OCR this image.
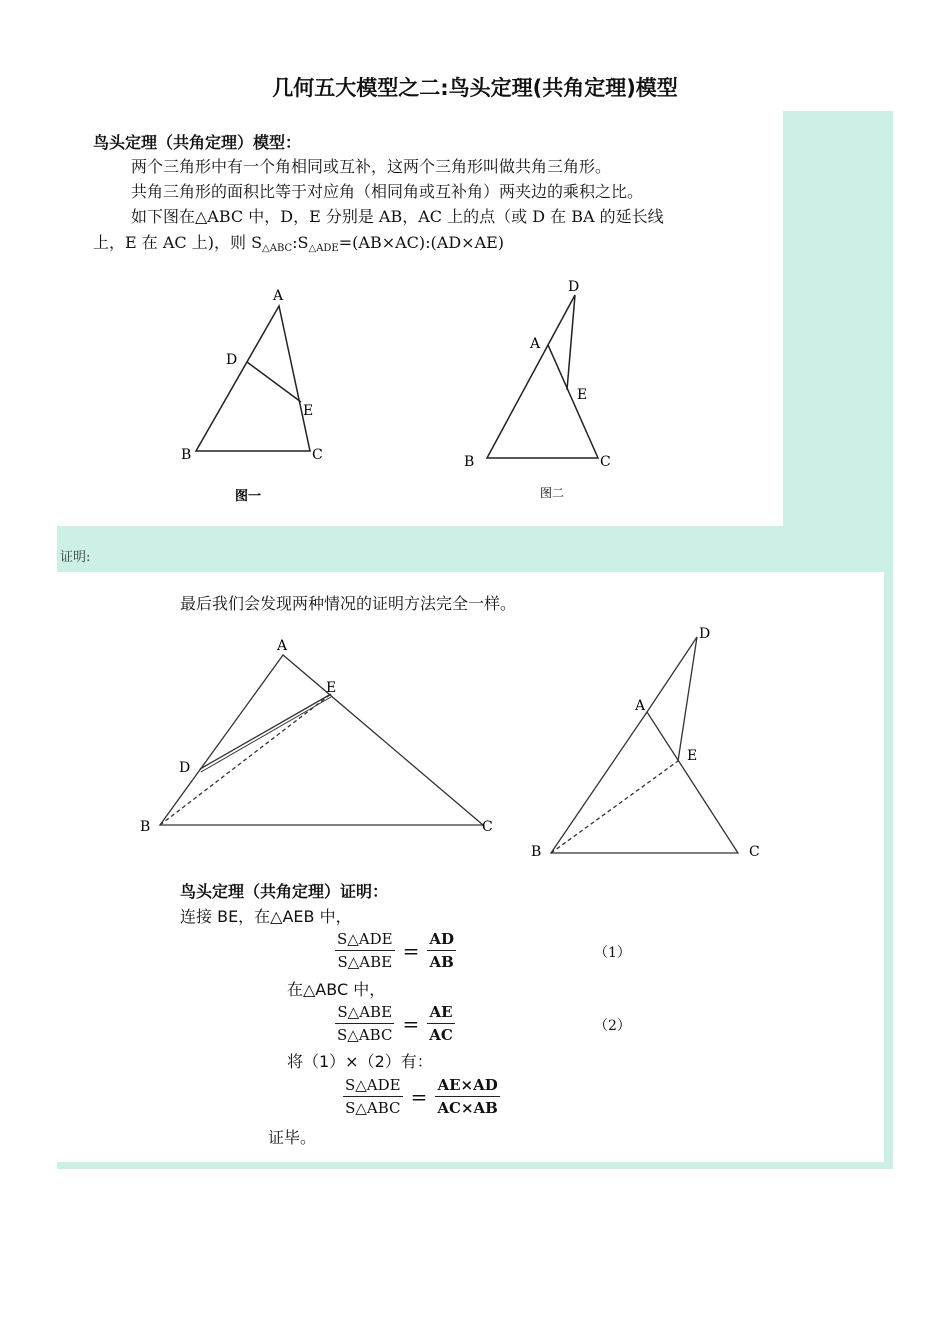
几何五大模型之二:鸟头定理(共角定理)模型
鸟头定理（共角定理）模型：
两个三角形中有一个角相同或互补，这两个三角形叫做共角三角形。
共角三角形的面积比等于对应角（相同角或互补角）两夹边的乘积之比。
如下图在△ABC 中，D，E 分别是 AB，AC 上的点（或 D 在 BA 的延长线
上，E 在 AC 上)，则 $S_{\triangle ABC}:S_{\triangle ADE}=(AB\times AC):(AD\times AE)$
A
D
E
B	C
图一
D
A
E
B	C
图二
证明:
最后我们会发现两种情况的证明方法完全一样。
A
E
D
B	C
D
A
E
B	C
鸟头定理（共角定理）证明：
连接 BE，在△AEB 中，
S△ADE
S△ABE = $\frac{AD}{AB}$	（1）
在△ABC 中，
S△ABE
S△ABC = $\frac{AE}{AC}$	（2）
将（1）×（2）有：
S△ADE
S△ABC = $\frac{AE\times AD}{AC\times AB}$
证毕。
